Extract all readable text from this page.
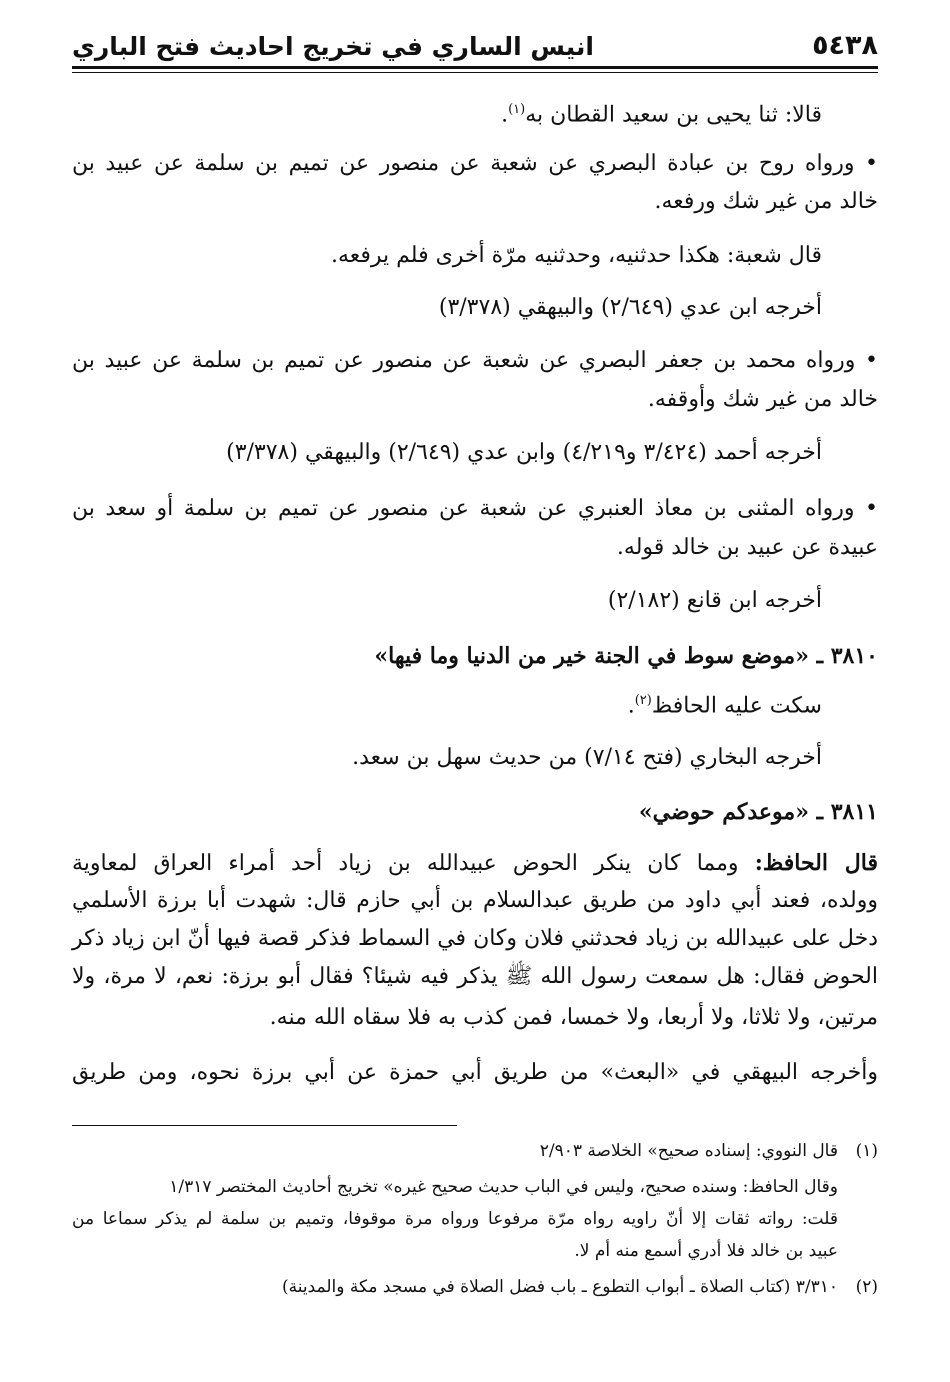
٥٤٣٨
انيس الساري في تخريج احاديث فتح الباري
قالا: ثنا يحيى بن سعيد القطان به$^{(١)}$.
• ورواه روح بن عبادة البصري عن شعبة عن منصور عن تميم بن سلمة عن عبيد بن
خالد من غير شك ورفعه.
قال شعبة: هكذا حدثنيه، وحدثنيه مرّة أخرى فلم يرفعه.
أخرجه ابن عدي (٢/٦٤٩) والبيهقي (٣/٣٧٨)
• ورواه محمد بن جعفر البصري عن شعبة عن منصور عن تميم بن سلمة عن عبيد بن
خالد من غير شك وأوقفه.
أخرجه أحمد (٣/٤٢٤ و٤/٢١٩) وابن عدي (٢/٦٤٩) والبيهقي (٣/٣٧٨)
• ورواه المثنى بن معاذ العنبري عن شعبة عن منصور عن تميم بن سلمة أو سعد بن
عبيدة عن عبيد بن خالد قوله.
أخرجه ابن قانع (٢/١٨٢)
٣٨١٠ ـ «موضع سوط في الجنة خير من الدنيا وما فيها»
سكت عليه الحافظ$^{(٢)}$.
أخرجه البخاري (فتح ٧/١٤) من حديث سهل بن سعد.
٣٨١١ ـ «موعدكم حوضي»
قال الحافظ: ومما كان ينكر الحوض عبيدالله بن زياد أحد أمراء العراق لمعاوية
وولده، فعند أبي داود من طريق عبدالسلام بن أبي حازم قال: شهدت أبا برزة الأسلمي
دخل على عبيدالله بن زياد فحدثني فلان وكان في السماط فذكر قصة فيها أنّ ابن زياد ذكر
الحوض فقال: هل سمعت رسول الله ﷺ يذكر فيه شيئا؟ فقال أبو برزة: نعم، لا مرة، ولا
مرتين، ولا ثلاثا، ولا أربعا، ولا خمسا، فمن كذب به فلا سقاه الله منه.
وأخرجه البيهقي في «البعث» من طريق أبي حمزة عن أبي برزة نحوه، ومن طريق
(١)
قال النووي: إسناده صحيح» الخلاصة ٢/٩٠٣
وقال الحافظ: وسنده صحيح، وليس في الباب حديث صحيح غيره» تخريج أحاديث المختصر ١/٣١٧
قلت: رواته ثقات إلا أنّ راويه رواه مرّة مرفوعا ورواه مرة موقوفا، وتميم بن سلمة لم يذكر سماعا من
عبيد بن خالد فلا أدري أسمع منه أم لا.
(٢)
٣/٣١٠ (كتاب الصلاة ـ أبواب التطوع ـ باب فضل الصلاة في مسجد مكة والمدينة)
